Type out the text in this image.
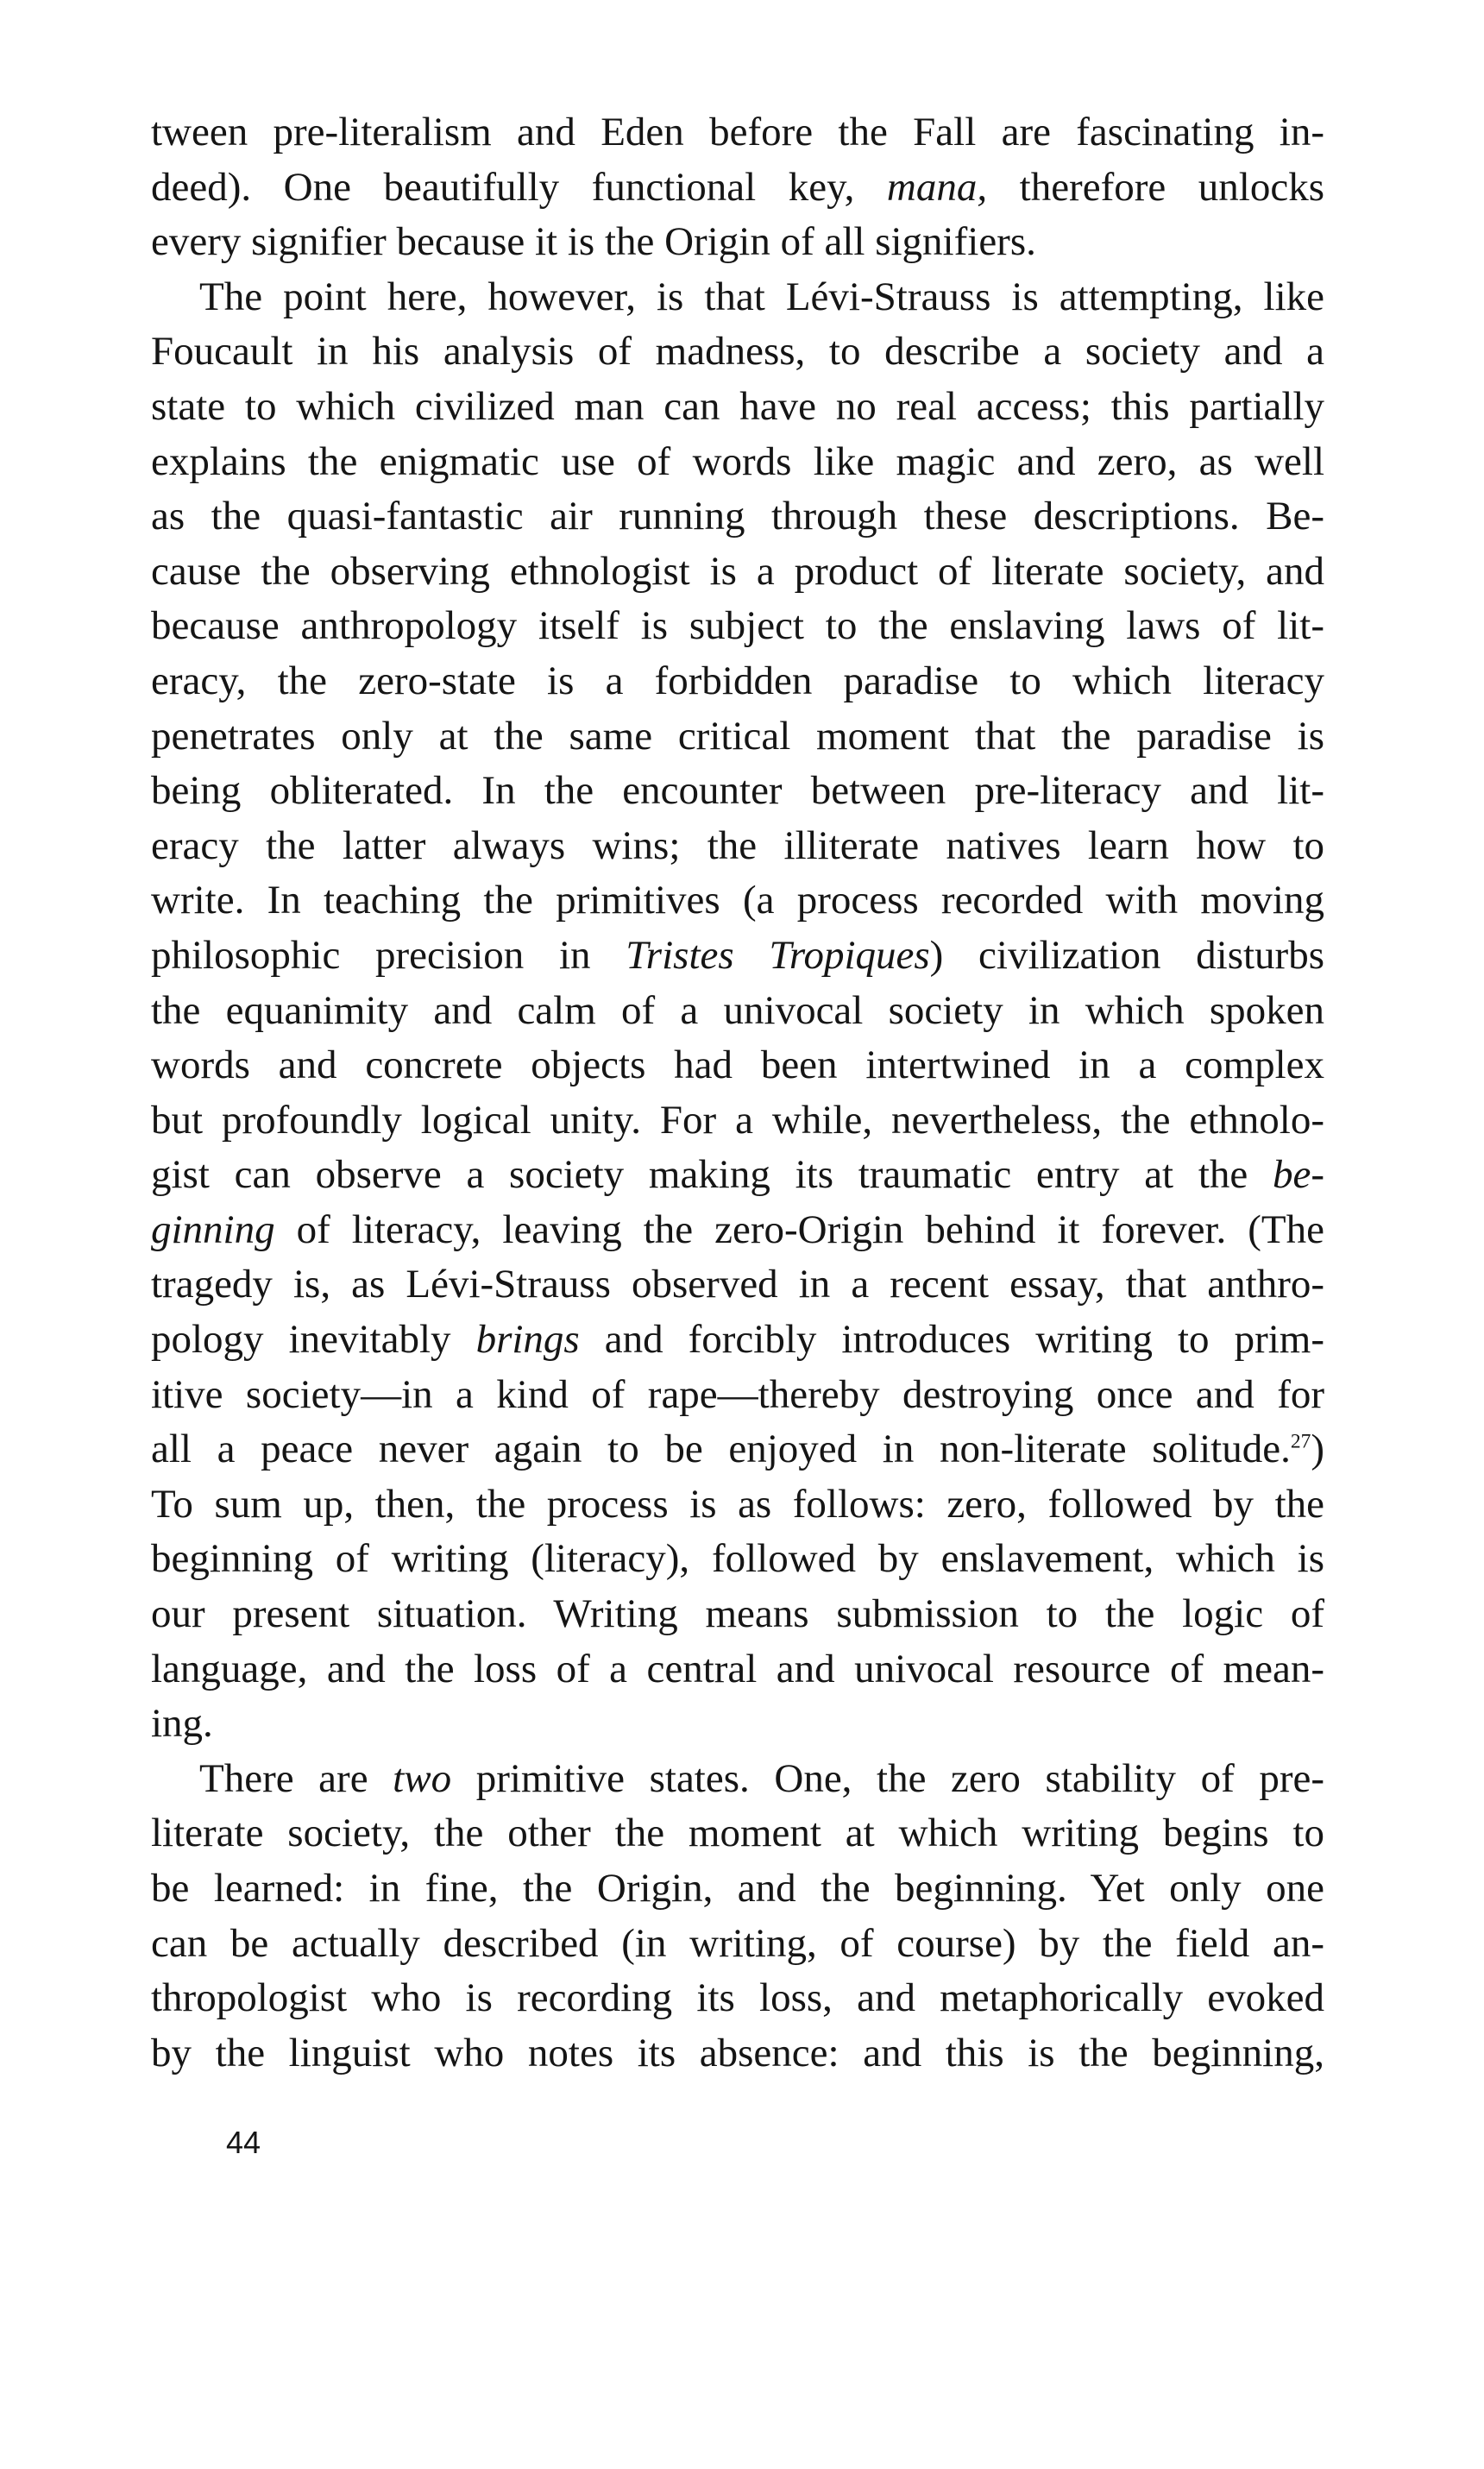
tween pre-literalism and Eden before the Fall are fascinating in-
deed). One beautifully functional key, mana, therefore unlocks
every signifier because it is the Origin of all signifiers.
The point here, however, is that Lévi-Strauss is attempting, like
Foucault in his analysis of madness, to describe a society and a
state to which civilized man can have no real access; this partially
explains the enigmatic use of words like magic and zero, as well
as the quasi-fantastic air running through these descriptions. Be-
cause the observing ethnologist is a product of literate society, and
because anthropology itself is subject to the enslaving laws of lit-
eracy, the zero-state is a forbidden paradise to which literacy
penetrates only at the same critical moment that the paradise is
being obliterated. In the encounter between pre-literacy and lit-
eracy the latter always wins; the illiterate natives learn how to
write. In teaching the primitives (a process recorded with moving
philosophic precision in Tristes Tropiques) civilization disturbs
the equanimity and calm of a univocal society in which spoken
words and concrete objects had been intertwined in a complex
but profoundly logical unity. For a while, nevertheless, the ethnolo-
gist can observe a society making its traumatic entry at the be-
ginning of literacy, leaving the zero-Origin behind it forever. (The
tragedy is, as Lévi-Strauss observed in a recent essay, that anthro-
pology inevitably brings and forcibly introduces writing to prim-
itive society—in a kind of rape—thereby destroying once and for
all a peace never again to be enjoyed in non-literate solitude.$^{27}$)
To sum up, then, the process is as follows: zero, followed by the
beginning of writing (literacy), followed by enslavement, which is
our present situation. Writing means submission to the logic of
language, and the loss of a central and univocal resource of mean-
ing.
There are two primitive states. One, the zero stability of pre-
literate society, the other the moment at which writing begins to
be learned: in fine, the Origin, and the beginning. Yet only one
can be actually described (in writing, of course) by the field an-
thropologist who is recording its loss, and metaphorically evoked
by the linguist who notes its absence: and this is the beginning,
44
